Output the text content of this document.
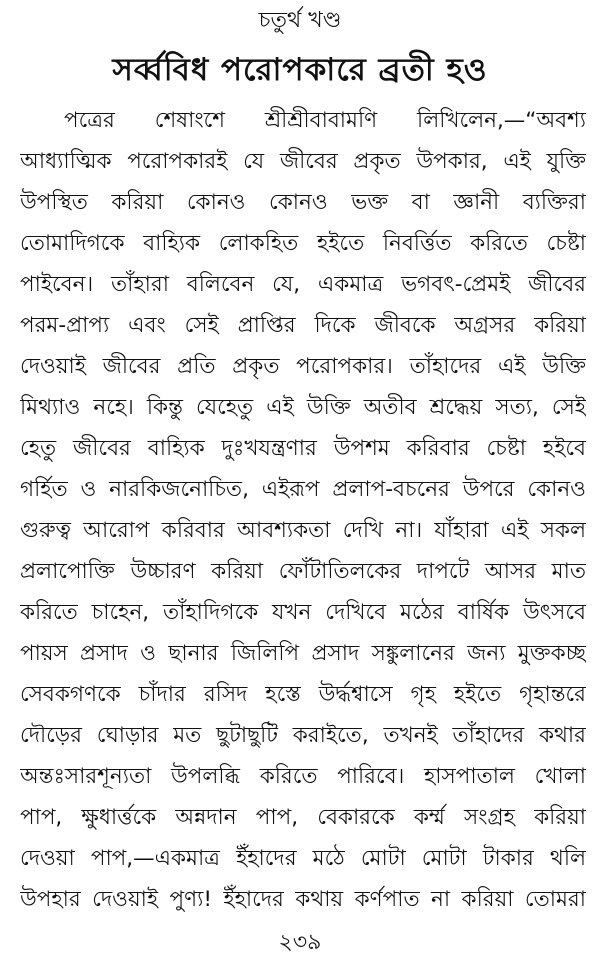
চতুর্থ খণ্ড
সর্ব্ববিধ পরোপকারে ব্রতী হও
পত্রের শেষাংশে শ্রীশ্রীবাবামণি লিখিলেন,—“অবশ্য
আধ্যাত্মিক পরোপকারই যে জীবের প্রকৃত উপকার, এই যুক্তি
উপস্থিত করিয়া কোনও কোনও ভক্ত বা জ্ঞানী ব্যক্তিরা
তোমাদিগকে বাহ্যিক লোকহিত হইতে নিবর্ত্তিত করিতে চেষ্টা
পাইবেন। তাঁহারা বলিবেন যে, একমাত্র ভগবৎ-প্রেমই জীবের
পরম-প্রাপ্য এবং সেই প্রাপ্তির দিকে জীবকে অগ্রসর করিয়া
দেওয়াই জীবের প্রতি প্রকৃত পরোপকার। তাঁহাদের এই উক্তি
মিথ্যাও নহে। কিন্তু যেহেতু এই উক্তি অতীব শ্রদ্ধেয় সত্য, সেই
হেতু জীবের বাহ্যিক দুঃখযন্ত্রণার উপশম করিবার চেষ্টা হইবে
গর্হিত ও নারকিজনোচিত, এইরূপ প্রলাপ-বচনের উপরে কোনও
গুরুত্ব আরোপ করিবার আবশ্যকতা দেখি না। যাঁহারা এই সকল
প্রলাপোক্তি উচ্চারণ করিয়া ফোঁটাতিলকের দাপটে আসর মাত
করিতে চাহেন, তাঁহাদিগকে যখন দেখিবে মঠের বার্ষিক উৎসবে
পায়স প্রসাদ ও ছানার জিলিপি প্রসাদ সঙ্কুলানের জন্য মুক্তকচ্ছ
সেবকগণকে চাঁদার রসিদ হস্তে উর্দ্ধশ্বাসে গৃহ হইতে গৃহান্তরে
দৌড়ের ঘোড়ার মত ছুটাছুটি করাইতে, তখনই তাঁহাদের কথার
অন্তঃসারশূন্যতা উপলব্ধি করিতে পারিবে। হাসপাতাল খোলা
পাপ, ক্ষুধার্ত্তকে অন্নদান পাপ, বেকারকে কর্ম্ম সংগ্রহ করিয়া
দেওয়া পাপ,—একমাত্র ইঁহাদের মঠে মোটা মোটা টাকার থলি
উপহার দেওয়াই পুণ্য! ইঁহাদের কথায় কর্ণপাত না করিয়া তোমরা
২৩৯
